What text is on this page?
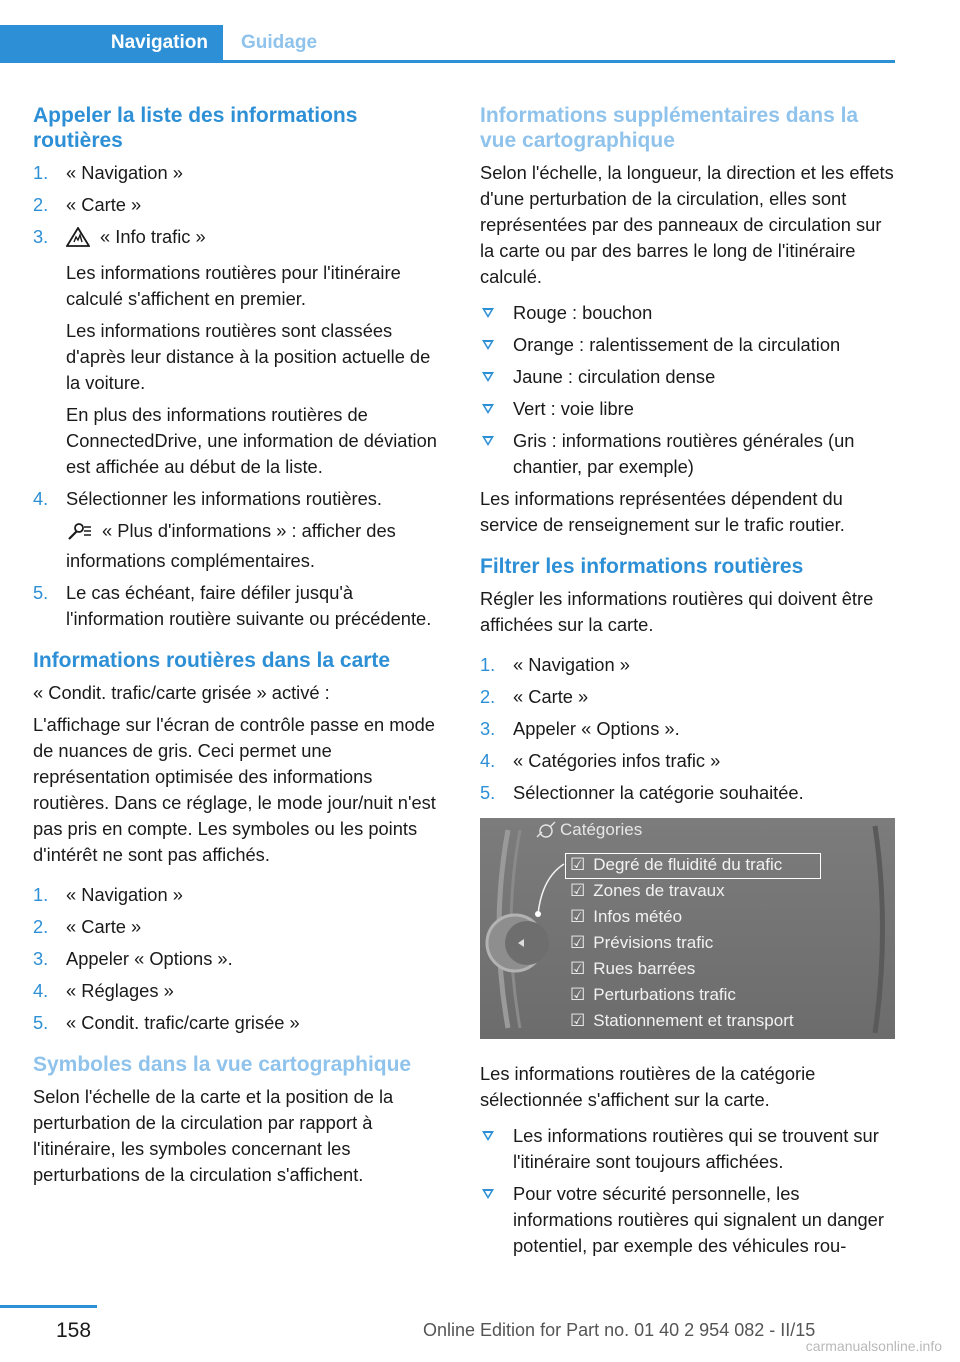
Navigation Guidage
Appeler la liste des informations routières
1. « Navigation »
2. « Carte »
3.	« Info trafic »
Les informations routières pour l'itinéraire calculé s'affichent en premier.
Les informations routières sont classées d'après leur distance à la position actuelle de la voiture.
En plus des informations routières de ConnectedDrive, une information de déviation est affichée au début de la liste.
4. Sélectionner les informations routières.
« Plus d'informations » : afficher des informations complémentaires.
5. Le cas échéant, faire défiler jusqu'à l'information routière suivante ou précédente.
Informations routières dans la carte

« Condit. trafic/carte grisée » activé :

L'affichage sur l'écran de contrôle passe en mode de nuances de gris. Ceci permet une représentation optimisée des informations routières. Dans ce réglage, le mode jour/nuit n'est pas pris en compte. Les symboles ou les points d'intérêt ne sont pas affichés.

1. « Navigation »
2. « Carte »
3. Appeler « Options ».
4. « Réglages »
5. « Condit. trafic/carte grisée »
Symboles dans la vue cartographique

Selon l'échelle de la carte et la position de la perturbation de la circulation par rapport à l'itinéraire, les symboles concernant les perturbations de la circulation s'affichent.

Informations supplémentaires dans la vue cartographique

Selon l'échelle, la longueur, la direction et les effets d'une perturbation de la circulation, elles sont représentées par des panneaux de circulation sur la carte ou par des barres le long de l'itinéraire calculé.

Rouge : bouchon
Orange : ralentissement de la circulation
Jaune : circulation dense
Vert : voie libre
Gris : informations routières générales (un chantier, par exemple)

Les informations représentées dépendent du service de renseignement sur le trafic routier.

Filtrer les informations routières

Régler les informations routières qui doivent être affichées sur la carte.

1. « Navigation »
2. « Carte »
3. Appeler « Options ».
4. « Catégories infos trafic »
5. Sélectionner la catégorie souhaitée.
Catégories
☑ Degré de fluidité du trafic
☑ Zones de travaux
☑ Infos météo
☑ Prévisions trafic
☑ Rues barrées
☑ Perturbations trafic
☑ Stationnement et transport

Les informations routières de la catégorie sélectionnée s'affichent sur la carte.

Les informations routières qui se trouvent sur l'itinéraire sont toujours affichées.
Pour votre sécurité personnelle, les informations routières qui signalent un danger potentiel, par exemple des véhicules rou-
158	Online Edition for Part no. 01 40 2 954 082 - II/15
carmanualsonline.info
